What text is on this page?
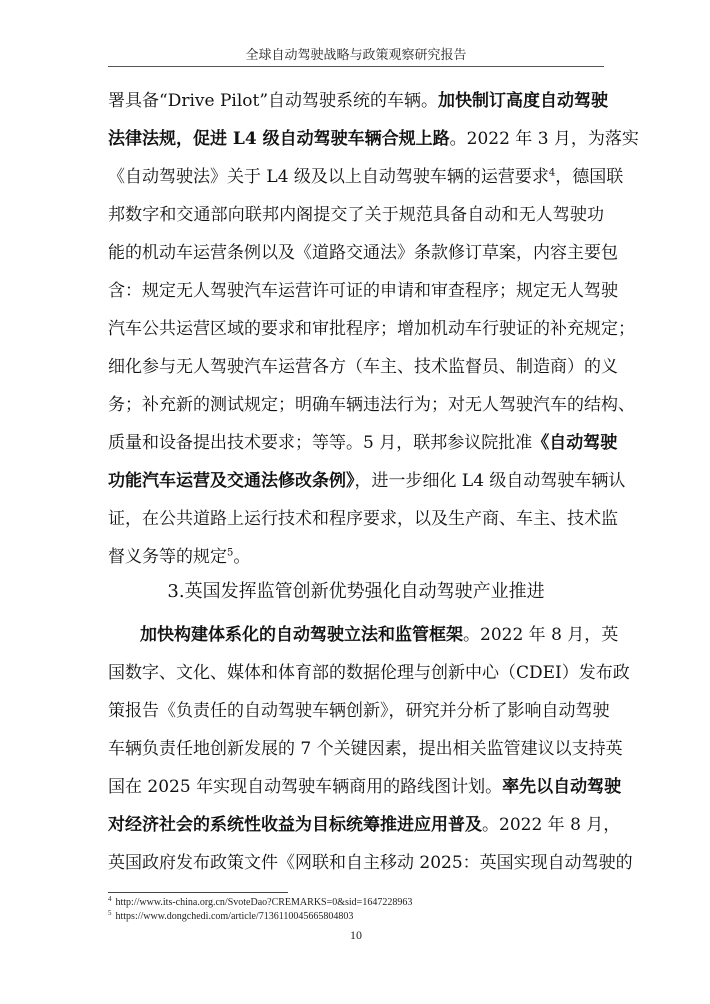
全球自动驾驶战略与政策观察研究报告
署具备“Drive Pilot”自动驾驶系统的车辆。加快制订高度自动驾驶
法律法规，促进 L4 级自动驾驶车辆合规上路。2022 年 3 月，为落实
《自动驾驶法》关于 L4 级及以上自动驾驶车辆的运营要求$^4$，德国联
邦数字和交通部向联邦内阁提交了关于规范具备自动和无人驾驶功
能的机动车运营条例以及《道路交通法》条款修订草案，内容主要包
含：规定无人驾驶汽车运营许可证的申请和审查程序；规定无人驾驶
汽车公共运营区域的要求和审批程序；增加机动车行驶证的补充规定；
细化参与无人驾驶汽车运营各方（车主、技术监督员、制造商）的义
务；补充新的测试规定；明确车辆违法行为；对无人驾驶汽车的结构、
质量和设备提出技术要求；等等。5 月，联邦参议院批准《自动驾驶
功能汽车运营及交通法修改条例》，进一步细化 L4 级自动驾驶车辆认
证，在公共道路上运行技术和程序要求，以及生产商、车主、技术监
督义务等的规定$^5$。
3.英国发挥监管创新优势强化自动驾驶产业推进
加快构建体系化的自动驾驶立法和监管框架。2022 年 8 月，英
国数字、文化、媒体和体育部的数据伦理与创新中心（CDEI）发布政
策报告《负责任的自动驾驶车辆创新》，研究并分析了影响自动驾驶
车辆负责任地创新发展的 7 个关键因素，提出相关监管建议以支持英
国在 2025 年实现自动驾驶车辆商用的路线图计划。率先以自动驾驶
对经济社会的系统性收益为目标统筹推进应用普及。2022 年 8 月，
英国政府发布政策文件《网联和自主移动 2025：英国实现自动驾驶的
$^4$ http://www.its-china.org.cn/SvoteDao?CREMARKS=0&sid=1647228963
$^5$ https://www.dongchedi.com/article/7136110045665804803
10
